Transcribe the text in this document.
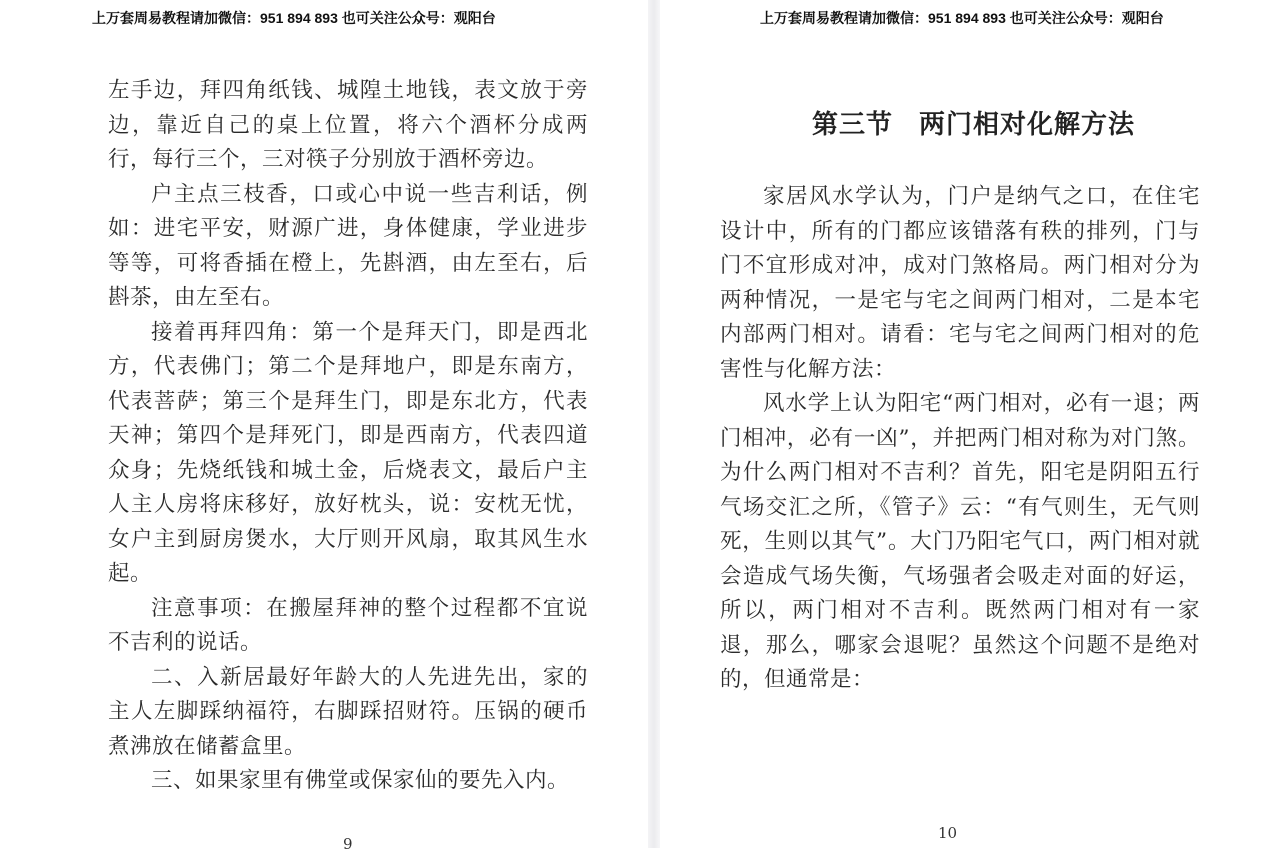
上万套周易教程请加微信：951 894 893 也可关注公众号：观阳台

左手边，拜四角纸钱、城隍土地钱，表文放于旁边，靠近自己的桌上位置，将六个酒杯分成两行，每行三个，三对筷子分别放于酒杯旁边。

户主点三枝香，口或心中说一些吉利话，例如：进宅平安，财源广进，身体健康，学业进步等等，可将香插在橙上，先斟酒，由左至右，后斟茶，由左至右。

接着再拜四角：第一个是拜天门，即是西北方，代表佛门；第二个是拜地户，即是东南方，代表菩萨；第三个是拜生门，即是东北方，代表天神；第四个是拜死门，即是西南方，代表四道众身；先烧纸钱和城土金，后烧表文，最后户主人主人房将床移好，放好枕头，说：安枕无忧，女户主到厨房煲水，大厅则开风扇，取其风生水起。

注意事项：在搬屋拜神的整个过程都不宜说不吉利的说话。

二、入新居最好年龄大的人先进先出，家的主人左脚踩纳福符，右脚踩招财符。压锅的硬币煮沸放在储蓄盒里。

三、如果家里有佛堂或保家仙的要先入内。

9
上万套周易教程请加微信：951 894 893 也可关注公众号：观阳台
第三节 两门相对化解方法

家居风水学认为，门户是纳气之口，在住宅设计中，所有的门都应该错落有秩的排列，门与门不宜形成对冲，成对门煞格局。两门相对分为两种情况，一是宅与宅之间两门相对，二是本宅内部两门相对。请看：宅与宅之间两门相对的危害性与化解方法：

风水学上认为阳宅“两门相对，必有一退；两门相冲，必有一凶”，并把两门相对称为对门煞。为什么两门相对不吉利？首先，阳宅是阴阳五行气场交汇之所，《管子》云：“有气则生，无气则死，生则以其气”。大门乃阳宅气口，两门相对就会造成气场失衡，气场强者会吸走对面的好运，所以，两门相对不吉利。既然两门相对有一家退，那么，哪家会退呢？虽然这个问题不是绝对的，但通常是：

10
